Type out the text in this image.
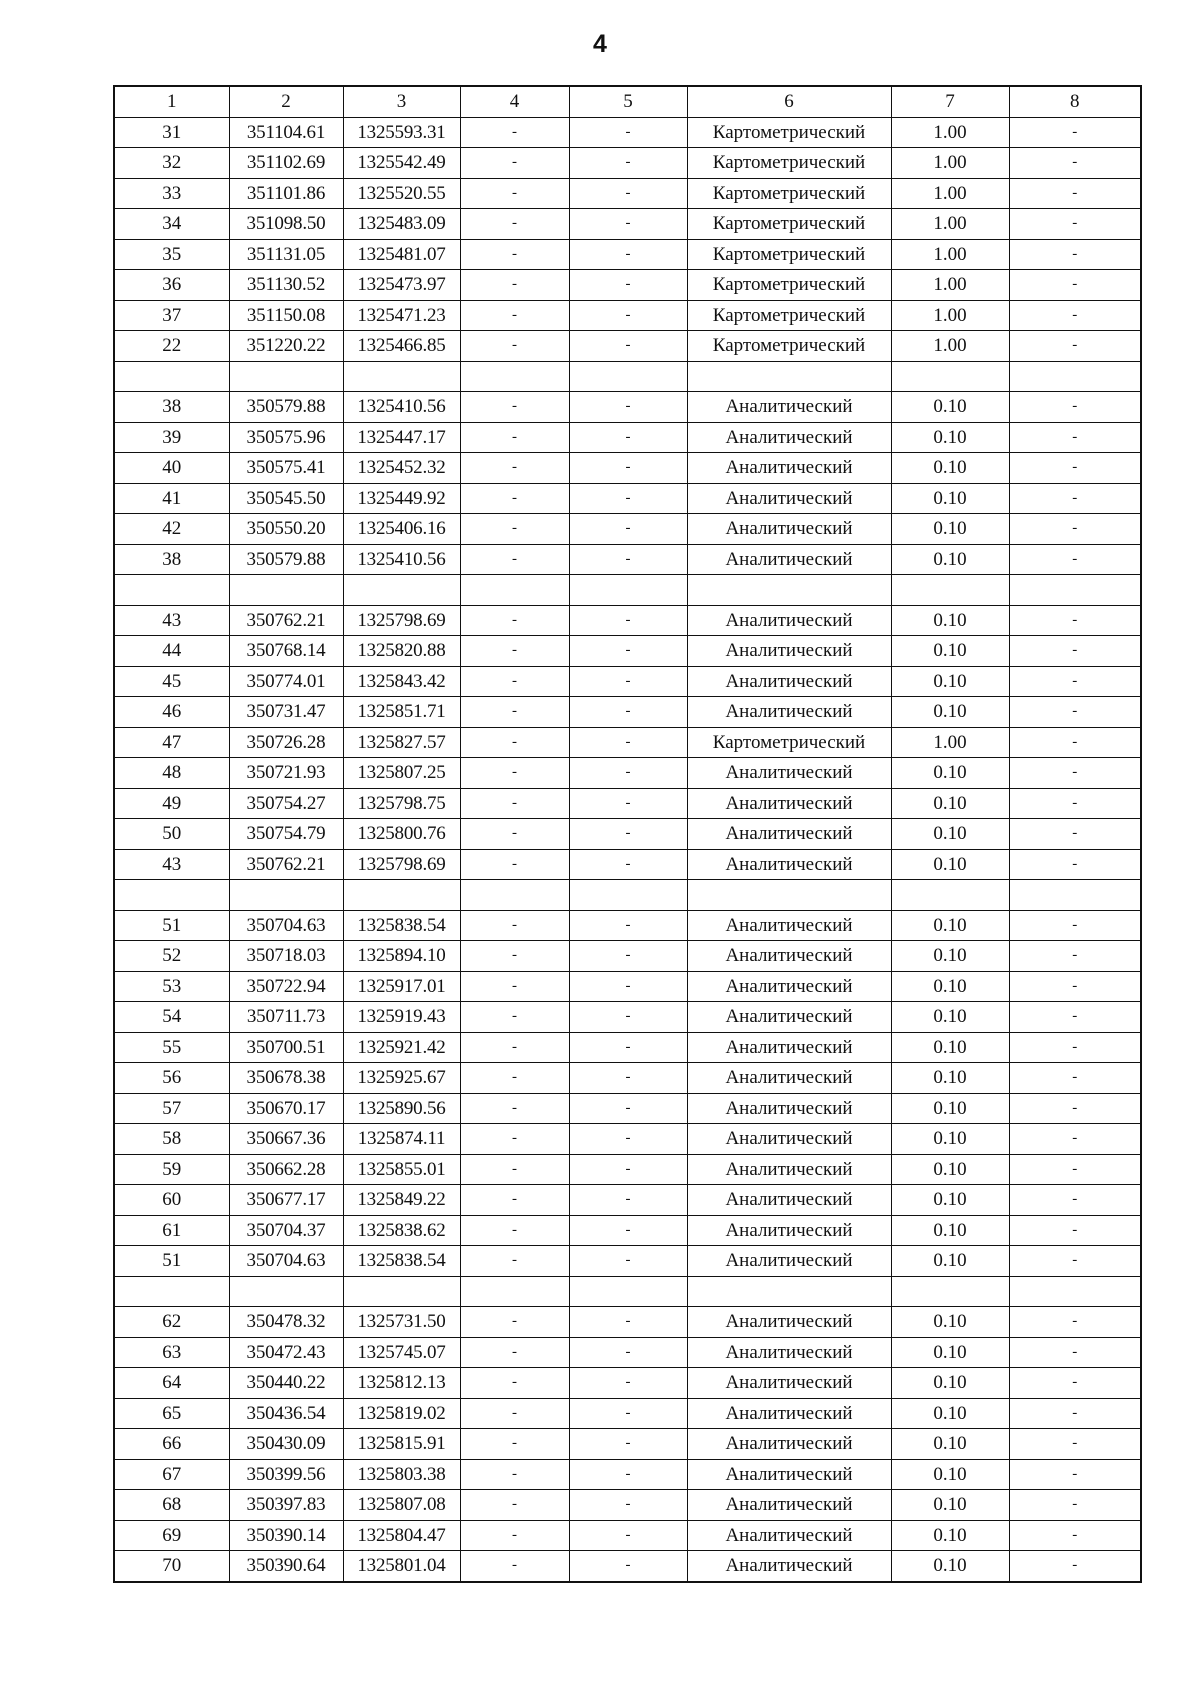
4
1	2	3	4	5	6	7	8
31	351104.61	1325593.31	-	-	Картометрический	1.00	-
32	351102.69	1325542.49	-	-	Картометрический	1.00	-
33	351101.86	1325520.55	-	-	Картометрический	1.00	-
34	351098.50	1325483.09	-	-	Картометрический	1.00	-
35	351131.05	1325481.07	-	-	Картометрический	1.00	-
36	351130.52	1325473.97	-	-	Картометрический	1.00	-
37	351150.08	1325471.23	-	-	Картометрический	1.00	-
22	351220.22	1325466.85	-	-	Картометрический	1.00	-

38	350579.88	1325410.56	-	-	Аналитический	0.10	-
39	350575.96	1325447.17	-	-	Аналитический	0.10	-
40	350575.41	1325452.32	-	-	Аналитический	0.10	-
41	350545.50	1325449.92	-	-	Аналитический	0.10	-
42	350550.20	1325406.16	-	-	Аналитический	0.10	-
38	350579.88	1325410.56	-	-	Аналитический	0.10	-

43	350762.21	1325798.69	-	-	Аналитический	0.10	-
44	350768.14	1325820.88	-	-	Аналитический	0.10	-
45	350774.01	1325843.42	-	-	Аналитический	0.10	-
46	350731.47	1325851.71	-	-	Аналитический	0.10	-
47	350726.28	1325827.57	-	-	Картометрический	1.00	-
48	350721.93	1325807.25	-	-	Аналитический	0.10	-
49	350754.27	1325798.75	-	-	Аналитический	0.10	-
50	350754.79	1325800.76	-	-	Аналитический	0.10	-
43	350762.21	1325798.69	-	-	Аналитический	0.10	-

51	350704.63	1325838.54	-	-	Аналитический	0.10	-
52	350718.03	1325894.10	-	-	Аналитический	0.10	-
53	350722.94	1325917.01	-	-	Аналитический	0.10	-
54	350711.73	1325919.43	-	-	Аналитический	0.10	-
55	350700.51	1325921.42	-	-	Аналитический	0.10	-
56	350678.38	1325925.67	-	-	Аналитический	0.10	-
57	350670.17	1325890.56	-	-	Аналитический	0.10	-
58	350667.36	1325874.11	-	-	Аналитический	0.10	-
59	350662.28	1325855.01	-	-	Аналитический	0.10	-
60	350677.17	1325849.22	-	-	Аналитический	0.10	-
61	350704.37	1325838.62	-	-	Аналитический	0.10	-
51	350704.63	1325838.54	-	-	Аналитический	0.10	-

62	350478.32	1325731.50	-	-	Аналитический	0.10	-
63	350472.43	1325745.07	-	-	Аналитический	0.10	-
64	350440.22	1325812.13	-	-	Аналитический	0.10	-
65	350436.54	1325819.02	-	-	Аналитический	0.10	-
66	350430.09	1325815.91	-	-	Аналитический	0.10	-
67	350399.56	1325803.38	-	-	Аналитический	0.10	-
68	350397.83	1325807.08	-	-	Аналитический	0.10	-
69	350390.14	1325804.47	-	-	Аналитический	0.10	-
70	350390.64	1325801.04	-	-	Аналитический	0.10	-
